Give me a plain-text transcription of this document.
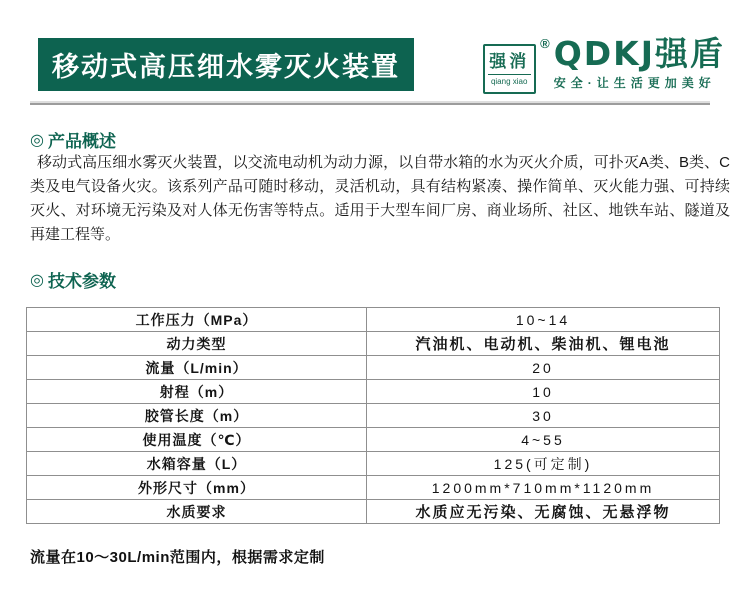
移动式高压细水雾灭火装置	强消
qiang xiao
® QDKJ强盾
安全·让生活更加美好
◎ 产品概述
移动式高压细水雾灭火装置，以交流电动机为动力源，以自带水箱的水为灭火介质，可扑灭A类、B类、C类及电气设备火灾。该系列产品可随时移动，灵活机动，具有结构紧凑、操作简单、灭火能力强、可持续灭火、对环境无污染及对人体无伤害等特点。适用于大型车间厂房、商业场所、社区、地铁车站、隧道及再建工程等。
◎ 技术参数
工作压力（MPa）	10~14
动力类型	汽油机、电动机、柴油机、锂电池
流量（L/min）	20
射程（m）	10
胶管长度（m）	30
使用温度（℃）	4~55
水箱容量（L）	125(可定制)
外形尺寸（mm）	1200mm*710mm*1120mm
水质要求	水质应无污染、无腐蚀、无悬浮物
流量在10～30L/min范围内，根据需求定制
